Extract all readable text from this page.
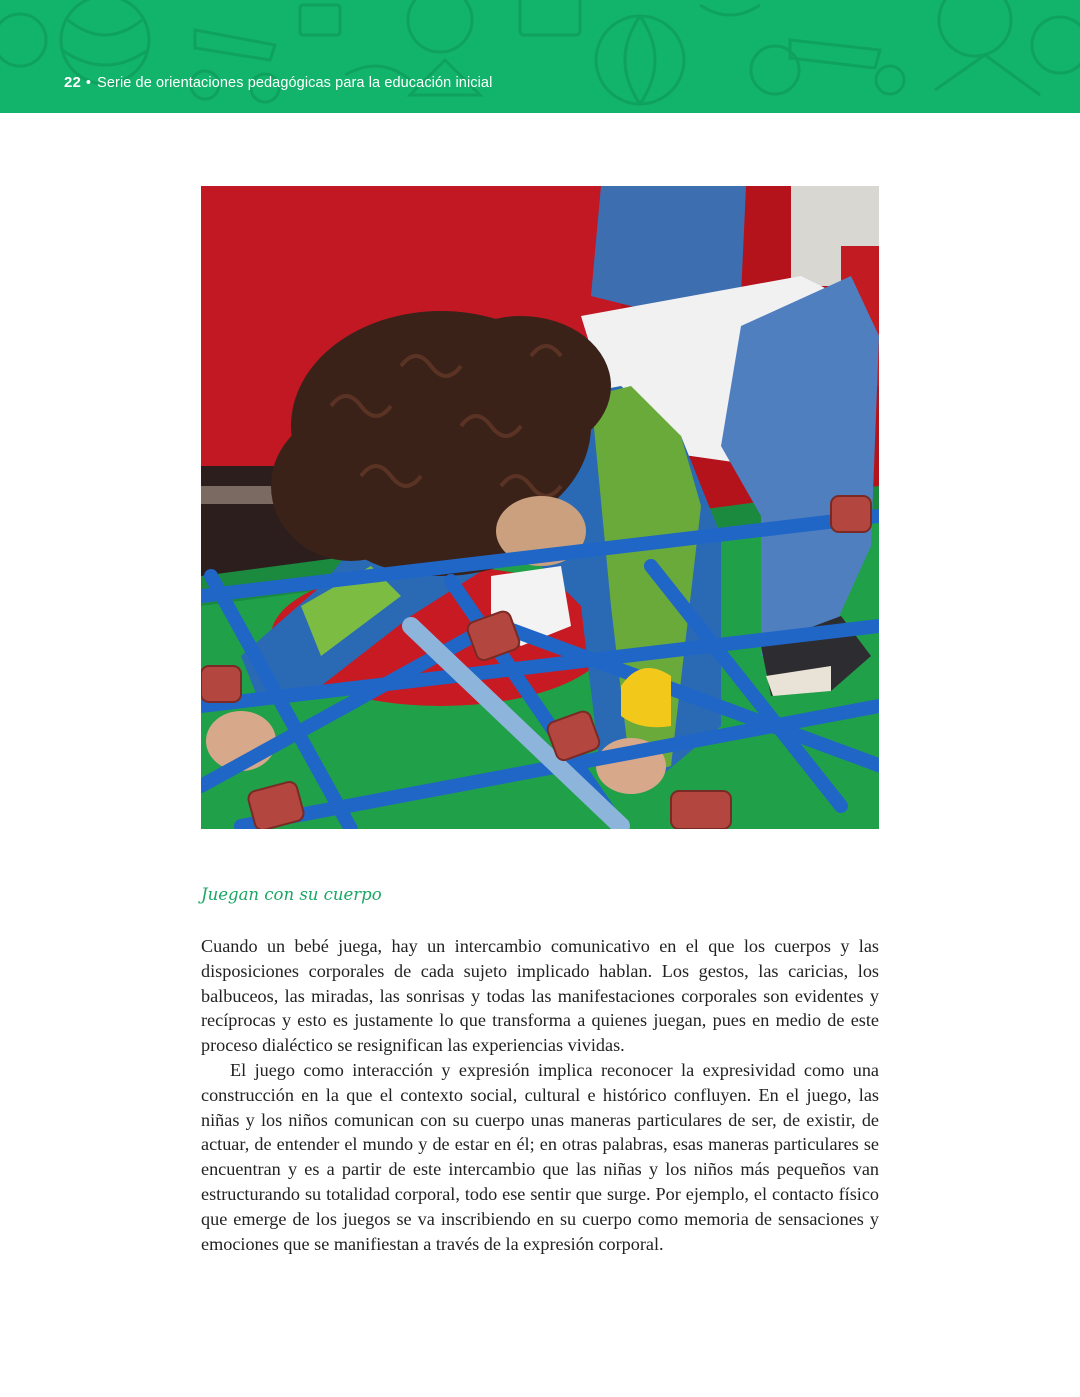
22 • Serie de orientaciones pedagógicas para la educación inicial
Juegan con su cuerpo

Cuando un bebé juega, hay un intercambio comunicativo en el que los cuerpos y las disposiciones corporales de cada sujeto implicado hablan. Los gestos, las caricias, los balbuceos, las miradas, las sonrisas y todas las manifestaciones corporales son evidentes y recíprocas y esto es justamente lo que transforma a quienes juegan, pues en medio de este proceso dialéctico se resignifican las experiencias vividas.

El juego como interacción y expresión implica reconocer la expresividad como una construcción en la que el contexto social, cultural e histórico confluyen. En el juego, las niñas y los niños comunican con su cuerpo unas maneras particulares de ser, de existir, de actuar, de entender el mundo y de estar en él; en otras palabras, esas maneras particulares se encuentran y es a partir de este intercambio que las niñas y los niños más pequeños van estructurando su totalidad corporal, todo ese sentir que surge. Por ejemplo, el contacto físico que emerge de los juegos se va inscribiendo en su cuerpo como memoria de sensaciones y emociones que se manifiestan a través de la expresión corporal.
